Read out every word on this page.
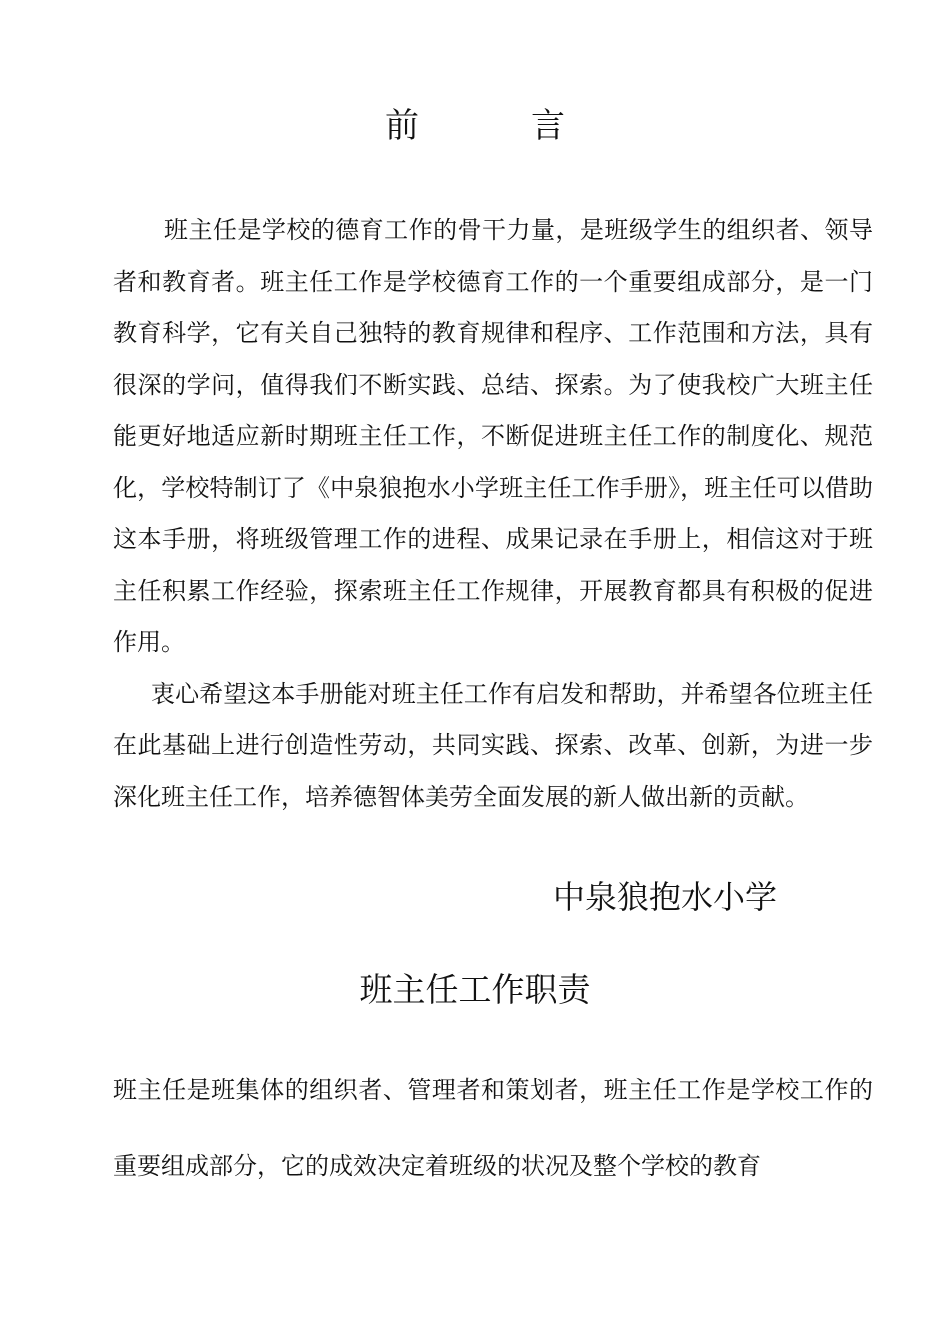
前	言

班主任是学校的德育工作的骨干力量，是班级学生的组织者、领导者和教育者。班主任工作是学校德育工作的一个重要组成部分，是一门教育科学，它有关自己独特的教育规律和程序、工作范围和方法，具有很深的学问，值得我们不断实践、总结、探索。为了使我校广大班主任能更好地适应新时期班主任工作，不断促进班主任工作的制度化、规范化，学校特制订了《中泉狼抱水小学班主任工作手册》，班主任可以借助这本手册，将班级管理工作的进程、成果记录在手册上，相信这对于班主任积累工作经验，探索班主任工作规律，开展教育都具有积极的促进作用。

衷心希望这本手册能对班主任工作有启发和帮助，并希望各位班主任在此基础上进行创造性劳动，共同实践、探索、改革、创新，为进一步深化班主任工作，培养德智体美劳全面发展的新人做出新的贡献。

中泉狼抱水小学
班主任工作职责

班主任是班集体的组织者、管理者和策划者，班主任工作是学校工作的重要组成部分，它的成效决定着班级的状况及整个学校的教育
